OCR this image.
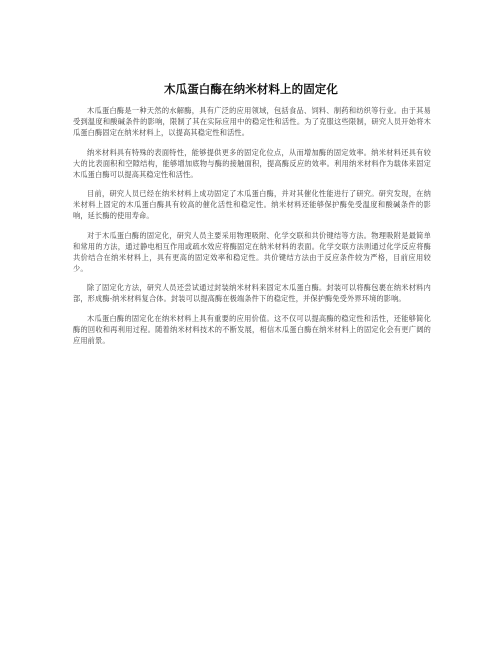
木瓜蛋白酶在纳米材料上的固定化

木瓜蛋白酶是一种天然的水解酶，具有广泛的应用领域，包括食品、饲料、制药和纺织等行业。由于其易受到温度和酸碱条件的影响，限制了其在实际应用中的稳定性和活性。为了克服这些限制，研究人员开始将木瓜蛋白酶固定在纳米材料上，以提高其稳定性和活性。

纳米材料具有特殊的表面特性，能够提供更多的固定化位点，从而增加酶的固定效率。纳米材料还具有较大的比表面积和空隙结构，能够增加底物与酶的接触面积，提高酶反应的效率。利用纳米材料作为载体来固定木瓜蛋白酶可以提高其稳定性和活性。

目前，研究人员已经在纳米材料上成功固定了木瓜蛋白酶，并对其催化性能进行了研究。研究发现，在纳米材料上固定的木瓜蛋白酶具有较高的催化活性和稳定性。纳米材料还能够保护酶免受温度和酸碱条件的影响，延长酶的使用寿命。

对于木瓜蛋白酶的固定化，研究人员主要采用物理吸附、化学交联和共价键结等方法。物理吸附是最简单和常用的方法，通过静电相互作用或疏水效应将酶固定在纳米材料的表面。化学交联方法则通过化学反应将酶共价结合在纳米材料上，具有更高的固定效率和稳定性。共价键结方法由于反应条件较为严格，目前应用较少。

除了固定化方法，研究人员还尝试通过封装纳米材料来固定木瓜蛋白酶。封装可以将酶包裹在纳米材料内部，形成酶-纳米材料复合体。封装可以提高酶在极端条件下的稳定性，并保护酶免受外界环境的影响。

木瓜蛋白酶的固定化在纳米材料上具有重要的应用价值。这不仅可以提高酶的稳定性和活性，还能够简化酶的回收和再利用过程。随着纳米材料技术的不断发展，相信木瓜蛋白酶在纳米材料上的固定化会有更广阔的应用前景。
